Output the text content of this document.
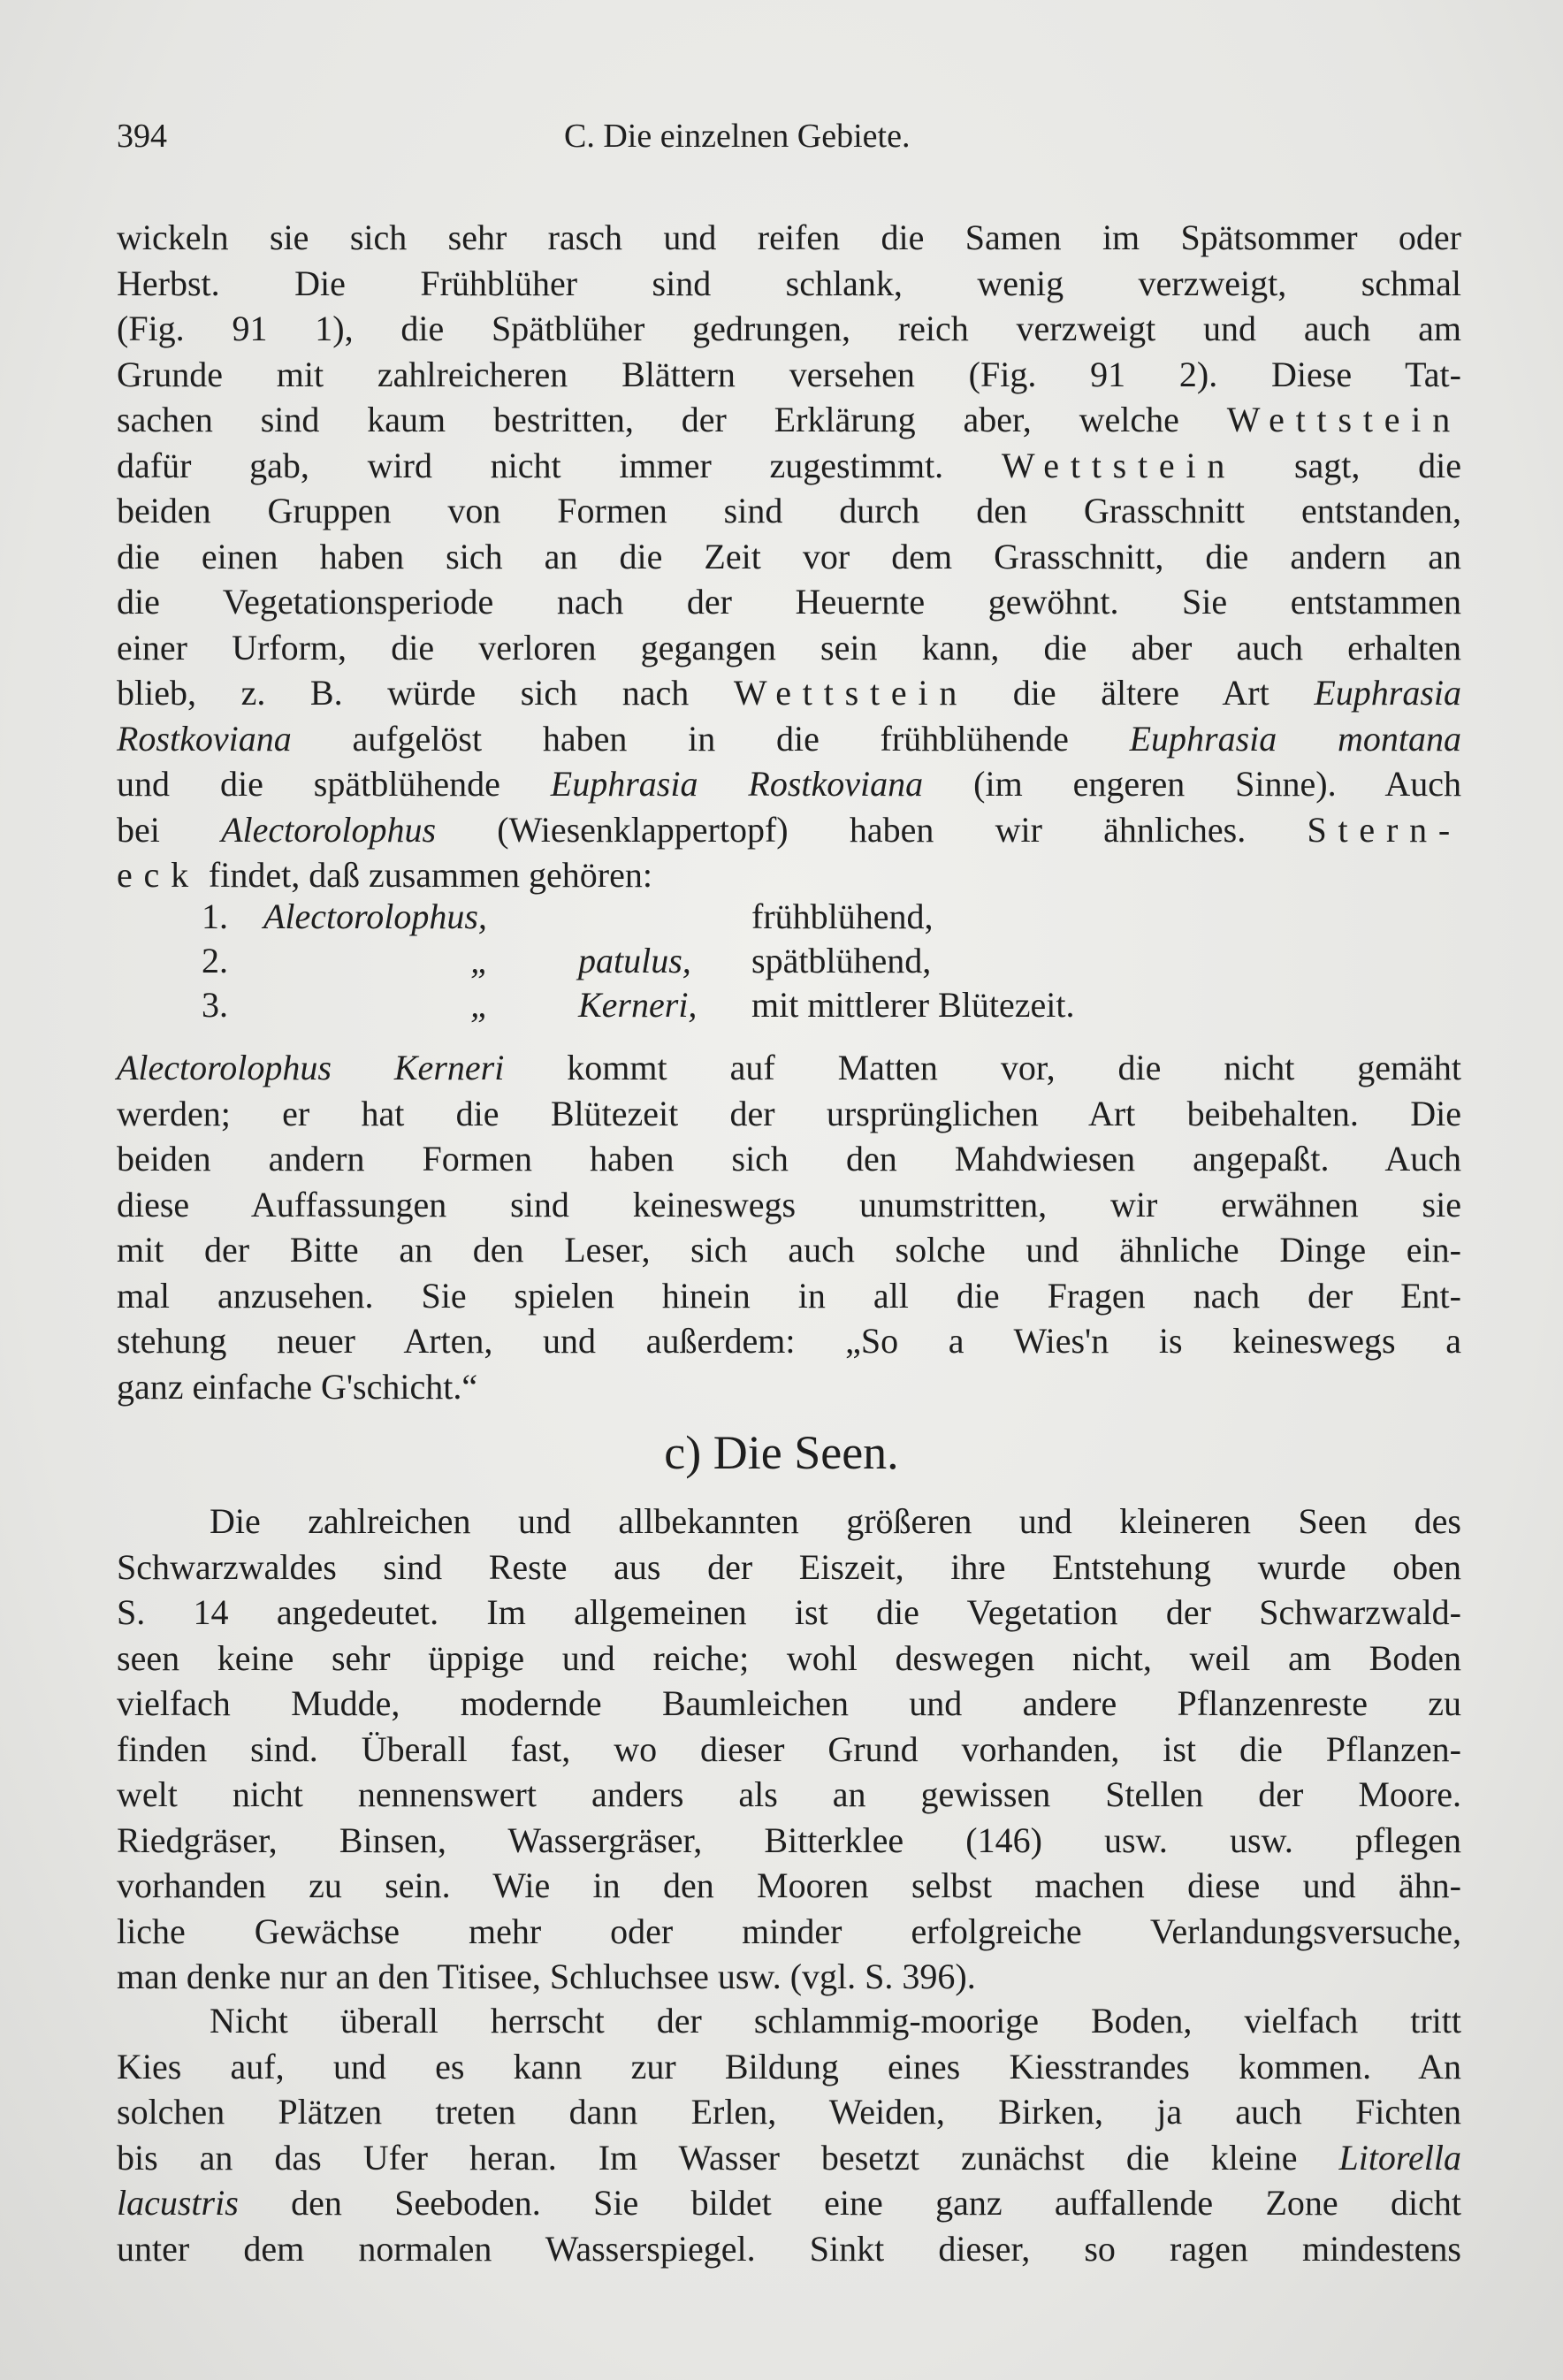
394	C. Die einzelnen Gebiete.
wickeln sie sich sehr rasch und reifen die Samen im Spätsommer oder
Herbst. Die Frühblüher sind schlank, wenig verzweigt, schmal
(Fig. 91 1), die Spätblüher gedrungen, reich verzweigt und auch am
Grunde mit zahlreicheren Blättern versehen (Fig. 91 2). Diese Tat-
sachen sind kaum bestritten, der Erklärung aber, welche Wettstein
dafür gab, wird nicht immer zugestimmt. Wettstein sagt, die
beiden Gruppen von Formen sind durch den Grasschnitt entstanden,
die einen haben sich an die Zeit vor dem Grasschnitt, die andern an
die Vegetationsperiode nach der Heuernte gewöhnt. Sie entstammen
einer Urform, die verloren gegangen sein kann, die aber auch erhalten
blieb, z. B. würde sich nach Wettstein die ältere Art Euphrasia
Rostkoviana aufgelöst haben in die frühblühende Euphrasia montana
und die spätblühende Euphrasia Rostkoviana (im engeren Sinne). Auch
bei Alectorolophus (Wiesenklappertopf) haben wir ähnliches. Stern-
eck findet, daß zusammen gehören:
1. Alectorolophus,	frühblühend,
2.	„ patulus, spätblühend,
3.	„ Kerneri, mit mittlerer Blütezeit.
Alectorolophus Kerneri kommt auf Matten vor, die nicht gemäht
werden; er hat die Blütezeit der ursprünglichen Art beibehalten. Die
beiden andern Formen haben sich den Mahdwiesen angepaßt. Auch
diese Auffassungen sind keineswegs unumstritten, wir erwähnen sie
mit der Bitte an den Leser, sich auch solche und ähnliche Dinge ein-
mal anzusehen. Sie spielen hinein in all die Fragen nach der Ent-
stehung neuer Arten, und außerdem: „So a Wies'n is keineswegs a
ganz einfache G'schicht.“
c) Die Seen.
Die zahlreichen und allbekannten größeren und kleineren Seen des
Schwarzwaldes sind Reste aus der Eiszeit, ihre Entstehung wurde oben
S. 14 angedeutet. Im allgemeinen ist die Vegetation der Schwarzwald-
seen keine sehr üppige und reiche; wohl deswegen nicht, weil am Boden
vielfach Mudde, modernde Baumleichen und andere Pflanzenreste zu
finden sind. Überall fast, wo dieser Grund vorhanden, ist die Pflanzen-
welt nicht nennenswert anders als an gewissen Stellen der Moore.
Riedgräser, Binsen, Wassergräser, Bitterklee (146) usw. usw. pflegen
vorhanden zu sein. Wie in den Mooren selbst machen diese und ähn-
liche Gewächse mehr oder minder erfolgreiche Verlandungsversuche,
man denke nur an den Titisee, Schluchsee usw. (vgl. S. 396).
Nicht überall herrscht der schlammig-moorige Boden, vielfach tritt
Kies auf, und es kann zur Bildung eines Kiesstrandes kommen. An
solchen Plätzen treten dann Erlen, Weiden, Birken, ja auch Fichten
bis an das Ufer heran. Im Wasser besetzt zunächst die kleine Litorella
lacustris den Seeboden. Sie bildet eine ganz auffallende Zone dicht
unter dem normalen Wasserspiegel. Sinkt dieser, so ragen mindestens
